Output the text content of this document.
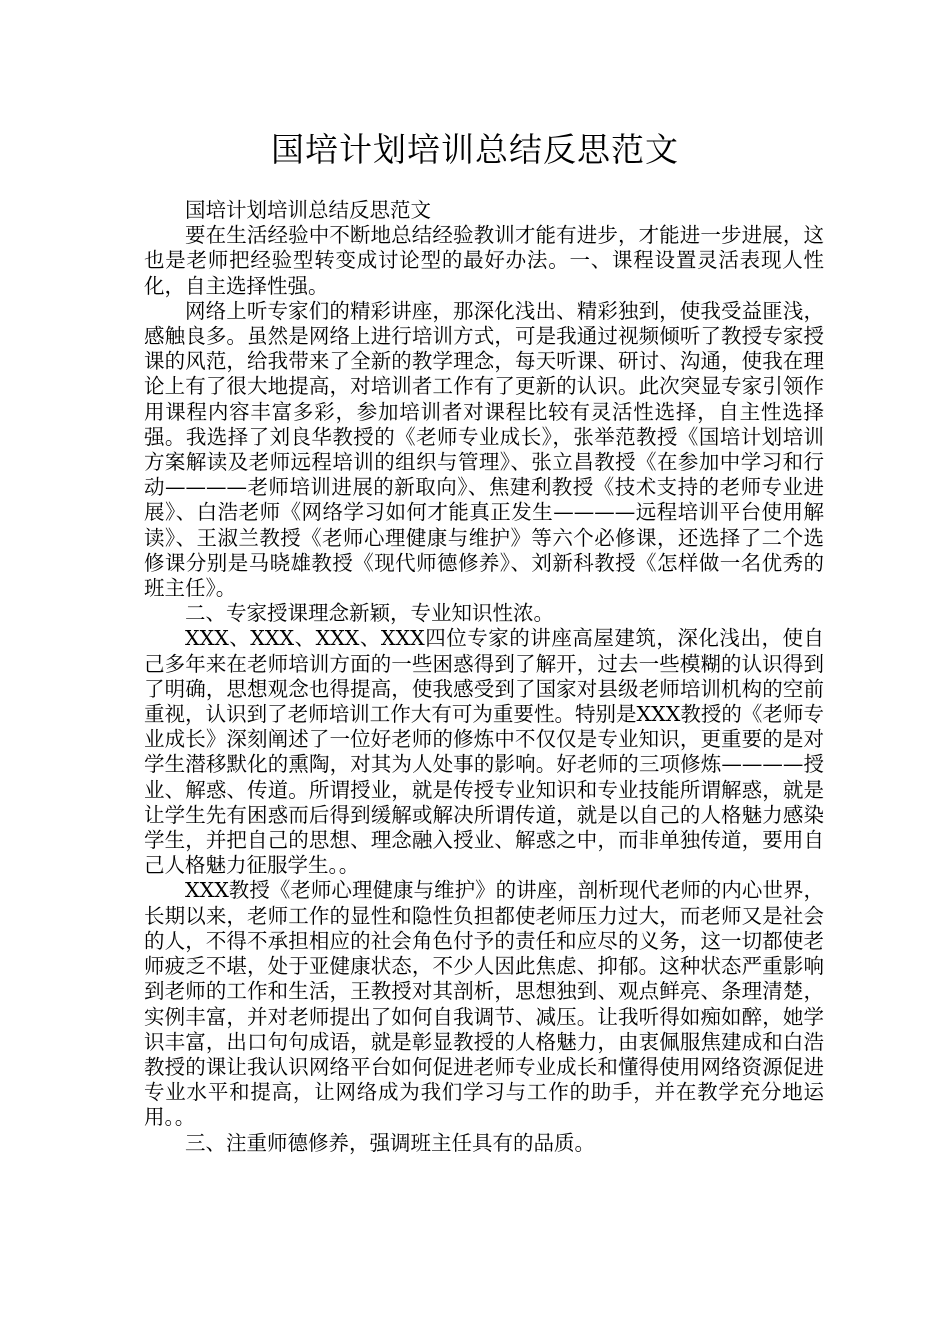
国培计划培训总结反思范文

国培计划培训总结反思范文

要在生活经验中不断地总结经验教训才能有进步，才能进一步进展，这也是老师把经验型转变成讨论型的最好办法。一、课程设置灵活表现人性化，自主选择性强。

网络上听专家们的精彩讲座，那深化浅出、精彩独到，使我受益匪浅，感触良多。虽然是网络上进行培训方式，可是我通过视频倾听了教授专家授课的风范，给我带来了全新的教学理念，每天听课、研讨、沟通，使我在理论上有了很大地提高，对培训者工作有了更新的认识。此次突显专家引领作用课程内容丰富多彩，参加培训者对课程比较有灵活性选择，自主性选择强。我选择了刘良华教授的《老师专业成长》，张举范教授《国培计划培训方案解读及老师远程培训的组织与管理》、张立昌教授《在参加中学习和行动————老师培训进展的新取向》、焦建利教授《技术支持的老师专业进展》、白浩老师《网络学习如何才能真正发生————远程培训平台使用解读》、王淑兰教授《老师心理健康与维护》等六个必修课，还选择了二个选修课分别是马晓雄教授《现代师德修养》、刘新科教授《怎样做一名优秀的班主任》。

二、专家授课理念新颖，专业知识性浓。

XXX、XXX、XXX、XXX四位专家的讲座高屋建筑，深化浅出，使自己多年来在老师培训方面的一些困惑得到了解开，过去一些模糊的认识得到了明确，思想观念也得提高，使我感受到了国家对县级老师培训机构的空前重视，认识到了老师培训工作大有可为重要性。特别是XXX教授的《老师专业成长》深刻阐述了一位好老师的修炼中不仅仅是专业知识，更重要的是对学生潜移默化的熏陶，对其为人处事的影响。好老师的三项修炼————授业、解惑、传道。所谓授业，就是传授专业知识和专业技能所谓解惑，就是让学生先有困惑而后得到缓解或解决所谓传道，就是以自己的人格魅力感染学生，并把自己的思想、理念融入授业、解惑之中，而非单独传道，要用自己人格魅力征服学生。。

XXX教授《老师心理健康与维护》的讲座，剖析现代老师的内心世界，长期以来，老师工作的显性和隐性负担都使老师压力过大，而老师又是社会的人，不得不承担相应的社会角色付予的责任和应尽的义务，这一切都使老师疲乏不堪，处于亚健康状态，不少人因此焦虑、抑郁。这种状态严重影响到老师的工作和生活，王教授对其剖析，思想独到、观点鲜亮、条理清楚，实例丰富，并对老师提出了如何自我调节、减压。让我听得如痴如醉，她学识丰富，出口句句成语，就是彰显教授的人格魅力，由衷佩服焦建成和白浩教授的课让我认识网络平台如何促进老师专业成长和懂得使用网络资源促进专业水平和提高，让网络成为我们学习与工作的助手，并在教学充分地运用。。

三、注重师德修养，强调班主任具有的品质。
